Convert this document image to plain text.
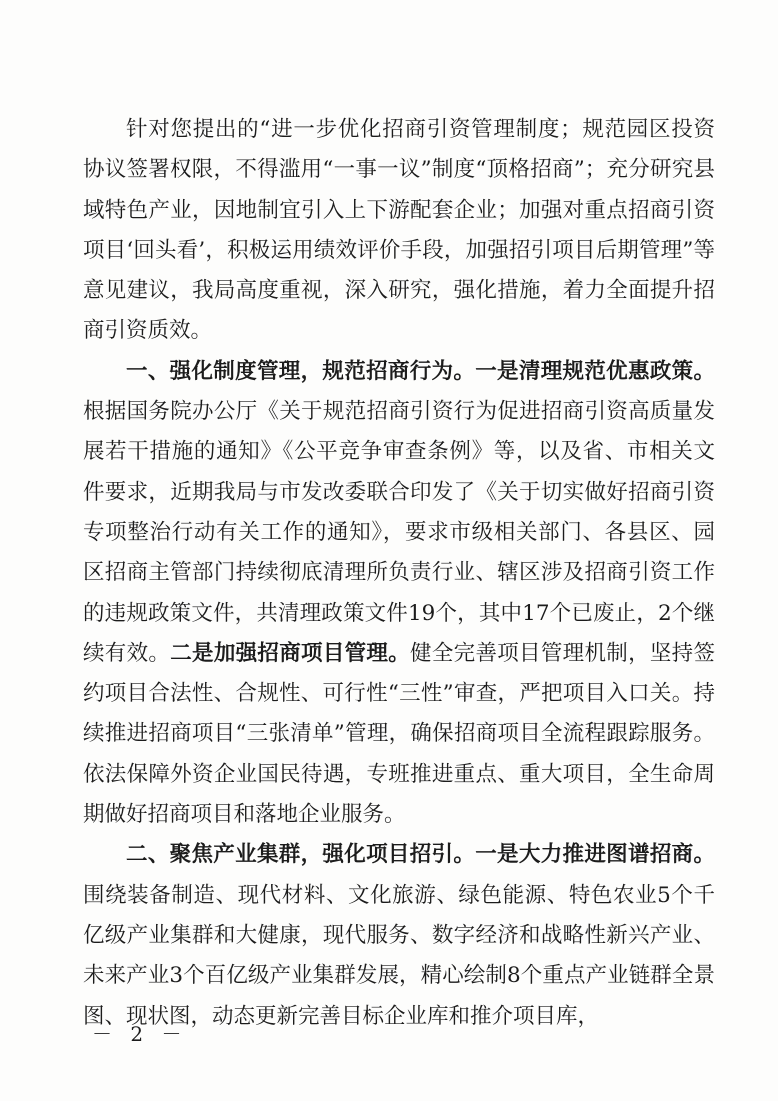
针对您提出的“进一步优化招商引资管理制度；规范园区投资协议签署权限，不得滥用“一事一议”制度“顶格招商”；充分研究县域特色产业，因地制宜引入上下游配套企业；加强对重点招商引资项目‘回头看’，积极运用绩效评价手段，加强招引项目后期管理”等意见建议，我局高度重视，深入研究，强化措施，着力全面提升招商引资质效。

一、强化制度管理，规范招商行为。一是清理规范优惠政策。根据国务院办公厅《关于规范招商引资行为促进招商引资高质量发展若干措施的通知》《公平竞争审查条例》等，以及省、市相关文件要求，近期我局与市发改委联合印发了《关于切实做好招商引资专项整治行动有关工作的通知》，要求市级相关部门、各县区、园区招商主管部门持续彻底清理所负责行业、辖区涉及招商引资工作的违规政策文件，共清理政策文件19个，其中17个已废止，2个继续有效。二是加强招商项目管理。健全完善项目管理机制，坚持签约项目合法性、合规性、可行性“三性”审查，严把项目入口关。持续推进招商项目“三张清单”管理，确保招商项目全流程跟踪服务。依法保障外资企业国民待遇，专班推进重点、重大项目，全生命周期做好招商项目和落地企业服务。

二、聚焦产业集群，强化项目招引。一是大力推进图谱招商。围绕装备制造、现代材料、文化旅游、绿色能源、特色农业5个千亿级产业集群和大健康，现代服务、数字经济和战略性新兴产业、未来产业3个百亿级产业集群发展，精心绘制8个重点产业链群全景图、现状图，动态更新完善目标企业库和推介项目库，

－ 2 －
